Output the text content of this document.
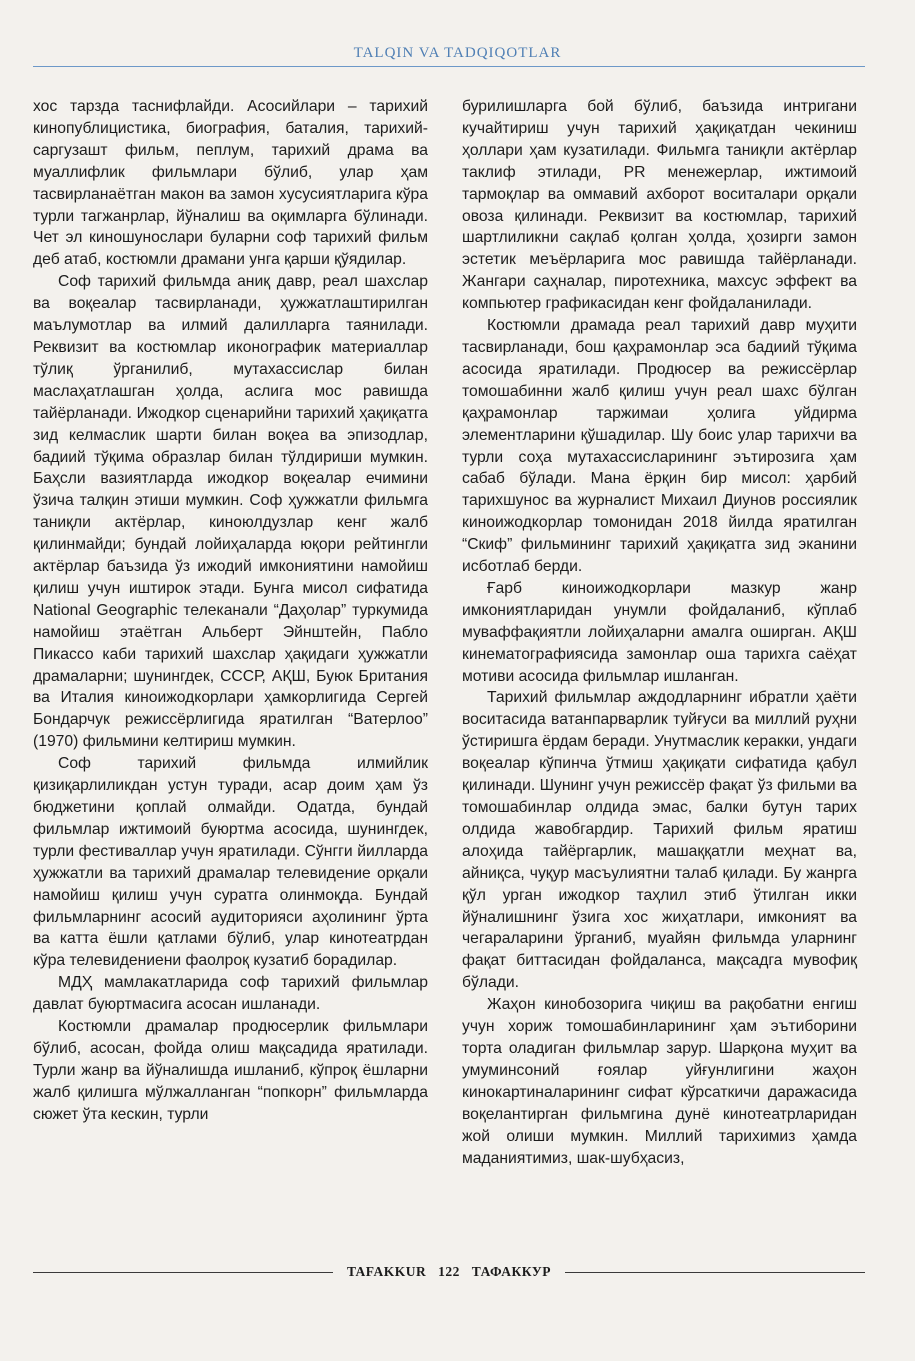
TALQIN VA TADQIQOTLAR

хос тарзда таснифлайди. Асосийлари – тарихий кинопублицистика, биография, баталия, тарихий-саргузашт фильм, пеплум, тарихий драма ва муаллифлик фильмлари бўлиб, улар ҳам тасвирланаётган макон ва замон хусусиятларига кўра турли тагжанрлар, йўналиш ва оқимларга бўлинади. Чет эл киношунослари буларни соф тарихий фильм деб атаб, костюмли драмани унга қарши қўядилар.

Соф тарихий фильмда аниқ давр, реал шахслар ва воқеалар тасвирланади, ҳужжатлаштирилган маълумотлар ва илмий далилларга таянилади. Реквизит ва костюмлар иконографик материаллар тўлиқ ўрганилиб, мутахассислар билан маслаҳатлашган ҳолда, аслига мос равишда тайёрланади. Ижодкор сценарийни тарихий ҳақиқатга зид келмаслик шарти билан воқеа ва эпизодлар, бадиий тўқима образлар билан тўлдириши мумкин. Баҳсли вазиятларда ижодкор воқеалар ечимини ўзича талқин этиши мумкин. Соф ҳужжатли фильмга таниқли актёрлар, киноюлдузлар кенг жалб қилинмайди; бундай лойиҳаларда юқори рейтингли актёрлар баъзида ўз ижодий имкониятини намойиш қилиш учун иштирок этади. Бунга мисол сифатида National Geographic телеканали “Даҳолар” туркумида намойиш этаётган Альберт Эйнштейн, Пабло Пикассо каби тарихий шахслар ҳақидаги ҳужжатли драмаларни; шунингдек, СССР, АҚШ, Буюк Британия ва Италия киноижодкорлари ҳамкорлигида Сергей Бондарчук режиссёрлигида яратилган “Ватерлоо” (1970) фильмини келтириш мумкин.

Соф тарихий фильмда илмийлик қизиқарлиликдан устун туради, асар доим ҳам ўз бюджетини қоплай олмайди. Одатда, бундай фильмлар ижтимоий буюртма асосида, шунингдек, турли фестиваллар учун яратилади. Сўнгги йилларда ҳужжатли ва тарихий драмалар телевидение орқали намойиш қилиш учун суратга олинмоқда. Бундай фильмларнинг асосий аудиторияси аҳолининг ўрта ва катта ёшли қатлами бўлиб, улар кинотеатрдан кўра телевидениени фаолроқ кузатиб борадилар.

МДҲ мамлакатларида соф тарихий фильмлар давлат буюртмасига асосан ишланади.

Костюмли драмалар продюсерлик фильмлари бўлиб, асосан, фойда олиш мақсадида яратилади. Турли жанр ва йўналишда ишланиб, кўпроқ ёшларни жалб қилишга мўлжалланган “попкорн” фильмларда сюжет ўта кескин, турли

бурилишларга бой бўлиб, баъзида интригани кучайтириш учун тарихий ҳақиқатдан чекиниш ҳоллари ҳам кузатилади. Фильмга таниқли актёрлар таклиф этилади, PR менежерлар, ижтимоий тармоқлар ва оммавий ахборот воситалари орқали овоза қилинади. Реквизит ва костюмлар, тарихий шартлиликни сақлаб қолган ҳолда, ҳозирги замон эстетик меъёрларига мос равишда тайёрланади. Жангари саҳналар, пиротехника, махсус эффект ва компьютер графикасидан кенг фойдаланилади.

Костюмли драмада реал тарихий давр муҳити тасвирланади, бош қаҳрамонлар эса бадиий тўқима асосида яратилади. Продюсер ва режиссёрлар томошабинни жалб қилиш учун реал шахс бўлган қаҳрамонлар таржимаи ҳолига уйдирма элементларини қўшадилар. Шу боис улар тарихчи ва турли соҳа мутахассисларининг эътирозига ҳам сабаб бўлади. Мана ёрқин бир мисол: ҳарбий тарихшунос ва журналист Михаил Диунов россиялик киноижодкорлар томонидан 2018 йилда яратилган “Скиф” фильмининг тарихий ҳақиқатга зид эканини исботлаб берди.

Ғарб киноижодкорлари мазкур жанр имкониятларидан унумли фойдаланиб, кўплаб муваффақиятли лойиҳаларни амалга оширган. АҚШ кинематографиясида замонлар оша тарихга саёҳат мотиви асосида фильмлар ишланган.

Тарихий фильмлар аждодларнинг ибратли ҳаёти воситасида ватанпарварлик туйғуси ва миллий руҳни ўстиришга ёрдам беради. Унутмаслик керакки, ундаги воқеалар кўпинча ўтмиш ҳақиқати сифатида қабул қилинади. Шунинг учун режиссёр фақат ўз фильми ва томошабинлар олдида эмас, балки бутун тарих олдида жавобгардир. Тарихий фильм яратиш алоҳида тайёргарлик, машаққатли меҳнат ва, айниқса, чуқур масъулиятни талаб қилади. Бу жанрга қўл урган ижодкор таҳлил этиб ўтилган икки йўналишнинг ўзига хос жиҳатлари, имконият ва чегараларини ўрганиб, муайян фильмда уларнинг фақат биттасидан фойдаланса, мақсадга мувофиқ бўлади.

Жаҳон кинобозорига чиқиш ва рақобатни енгиш учун хориж томошабинларининг ҳам эътиборини торта оладиган фильмлар зарур. Шарқона муҳит ва умуминсоний ғоялар уйғунлигини жаҳон кинокартиналарининг сифат кўрсаткичи даражасида воқелантирган фильмгина дунё кинотеатрларидан жой олиши мумкин. Миллий тарихимиз ҳамда маданиятимиз, шак-шубҳасиз,

TAFAKKUR 122 ТАФАККУР
